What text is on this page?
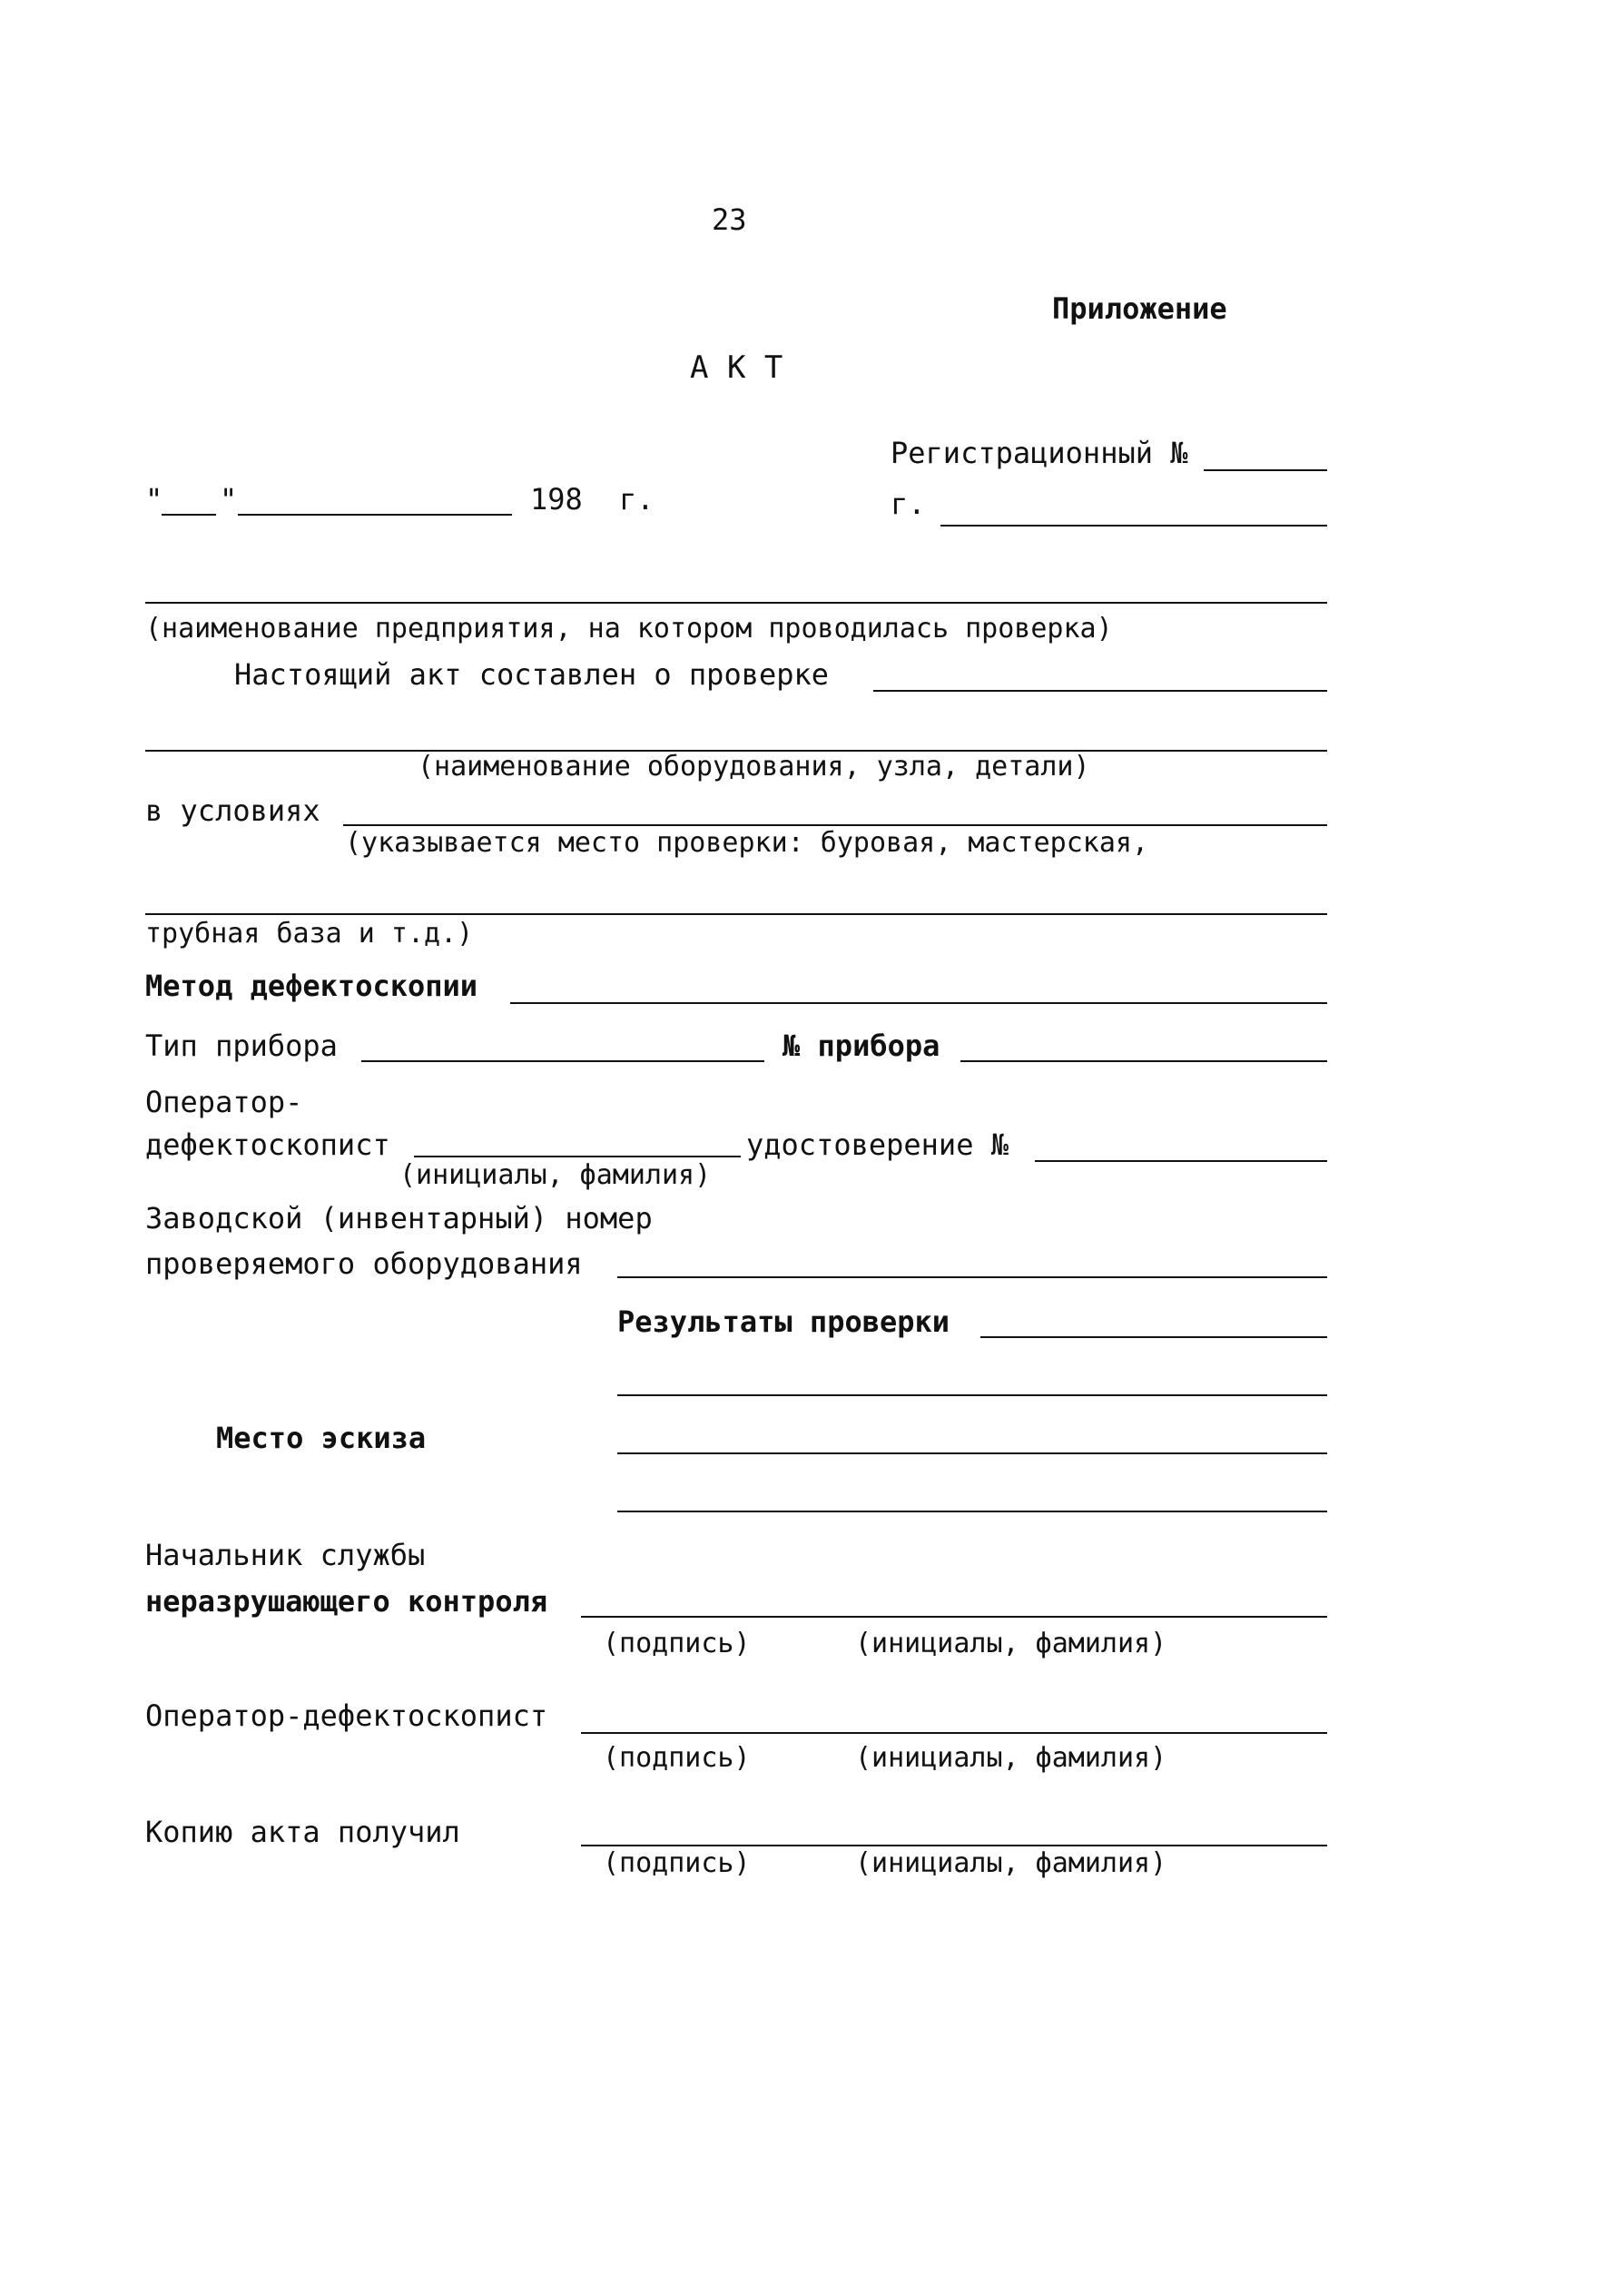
23
Приложение
А К Т
Регистрационный №
" "	198 г.	г.
(наименование предприятия, на котором проводилась проверка)
Настоящий акт составлен о проверке
(наименование оборудования, узла, детали)
в условиях
(указывается место проверки: буровая, мастерская,
трубная база и т.д.)
Метод дефектоскопии
Тип прибора	№ прибора
Оператор-
дефектоскопист
(инициалы, фамилия)
удостоверение №
Заводской (инвентарный) номер
проверяемого оборудования
Результаты проверки
Место эскиза
Начальник службы
неразрушающего контроля
(подпись)	(инициалы, фамилия)
Оператор-дефектоскопист
(подпись)	(инициалы, фамилия)
Копию акта получил
(подпись)	(инициалы, фамилия)
